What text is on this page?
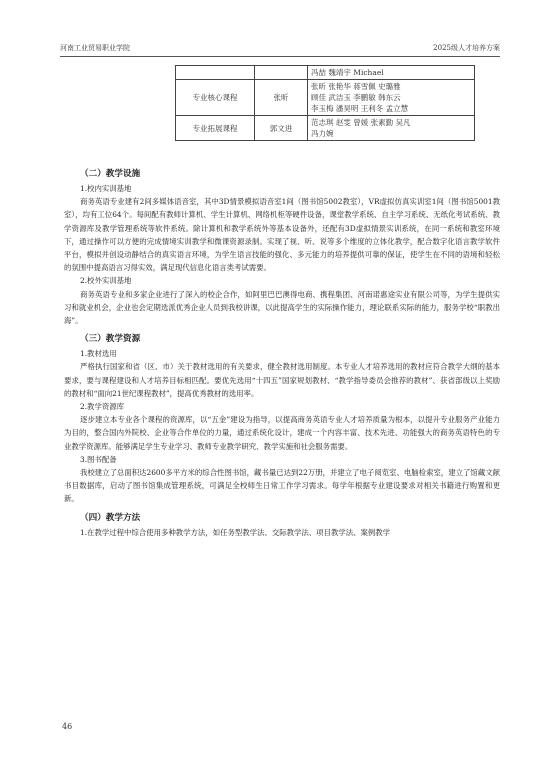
河南工业贸易职业学院	2025级人才培养方案
		冯喆 魏靖宇 Michael
专业核心课程	张昕	张昕 张艳华 蒋雪佩 史璐雅
顾佳 武洁玉 李鹏敏 韩东云
李玉梅 潘昊明 王利冬 孟立慧
专业拓展课程	郭文进	范志琪 赵雯 曾媛 张素勤 吴凡
冯力婉
（二）教学设施
1.校内实训基地

商务英语专业建有2间多媒体语音室，其中3D情景模拟语音室1间（图书馆5002教室），VR虚拟仿真实训室1间（图书馆5001教室），均有工位64个。每间配有教师计算机、学生计算机、网络机柜等硬件设备，课堂教学系统、自主学习系统、无纸化考试系统、教学资源库及教学管理系统等软件系统。除计算机和教学系统外等基本设备外，还配有3D虚拟情景实训系统，在同一系统和教室环境下，通过操作可以方便的完成情境实训教学和微课资源录制。实现了视、听、说等多个维度的立体化教学，配合数字化语言教学软件平台，模拟并创设动静结合的真实语言环境，为学生语言技能的强化、多元能力的培养提供可靠的保证，使学生在不同的语境和轻松的氛围中提高语言习得实效，满足现代信息化语言类考试需要。

2.校外实训基地

商务英语专业和多家企业进行了深入的校企合作，如阿里巴巴澳得电商、携程集团、河南诺惠途实业有限公司等，为学生提供实习和就业机会，企业也会定期选派优秀企业人员到我校讲课，以此提高学生的实际操作能力，理论联系实际的能力，服务学校“职教出海”。

（三）教学资源
1.教材选用

严格执行国家和省（区、市）关于教材选用的有关要求，健全教材选用制度。本专业人才培养选用的教材应符合教学大纲的基本要求，要与课程建设和人才培养目标相匹配。要优先选用“十四五”国家规划教材、“教学指导委员会推荐的教材”、获省部级以上奖励的教材和“面向21世纪课程教材”，提高优秀教材的选用率。

2.教学资源库

逐步建立本专业各个课程的资源库，以“五金”建设为指导，以提高商务英语专业人才培养质量为根本，以提升专业服务产业能力为目的，整合国内外院校、企业等合作单位的力量，通过系统化设计，建成一个内容丰富、技术先进、功能强大的商务英语特色的专业教学资源库。能够满足学生专业学习、教师专业教学研究、教学实施和社会服务需要。

3.图书配备

我校建立了总面积达2600多平方米的综合性图书馆，藏书量已达到22万册，并建立了电子阅览室、电脑检索室，建立了馆藏文献书目数据库，启动了图书馆集成管理系统，可满足全校师生日常工作学习需求。每学年根据专业建设要求对相关书籍进行购置和更新。

（四）教学方法

1.在教学过程中综合使用多种教学方法，如任务型教学法、交际教学法、项目教学法、案例教学

46
